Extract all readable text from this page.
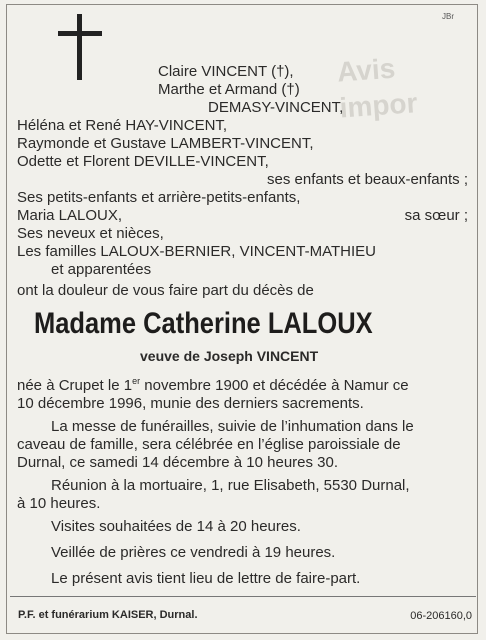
Avis
impor
JBr
Claire VINCENT (†),
Marthe et Armand (†)
DEMASY-VINCENT,
Héléna et René HAY-VINCENT,
Raymonde et Gustave LAMBERT-VINCENT,
Odette et Florent DEVILLE-VINCENT,
ses enfants et beaux-enfants ;
Ses petits-enfants et arrière-petits-enfants,
Maria LALOUX,	sa sœur ;
Ses neveux et nièces,
Les familles LALOUX-BERNIER, VINCENT-MATHIEU
et apparentées
ont la douleur de vous faire part du décès de
Madame Catherine LALOUX
veuve de Joseph VINCENT
née à Crupet le 1er novembre 1900 et décédée à Namur ce
10 décembre 1996, munie des derniers sacrements.
La messe de funérailles, suivie de l’inhumation dans le
caveau de famille, sera célébrée en l’église paroissiale de
Durnal, ce samedi 14 décembre à 10 heures 30.
Réunion à la mortuaire, 1, rue Elisabeth, 5530 Durnal,
à 10 heures.
Visites souhaitées de 14 à 20 heures.
Veillée de prières ce vendredi à 19 heures.
Le présent avis tient lieu de lettre de faire-part.
P.F. et funérarium KAISER, Durnal.	06-206160,0
